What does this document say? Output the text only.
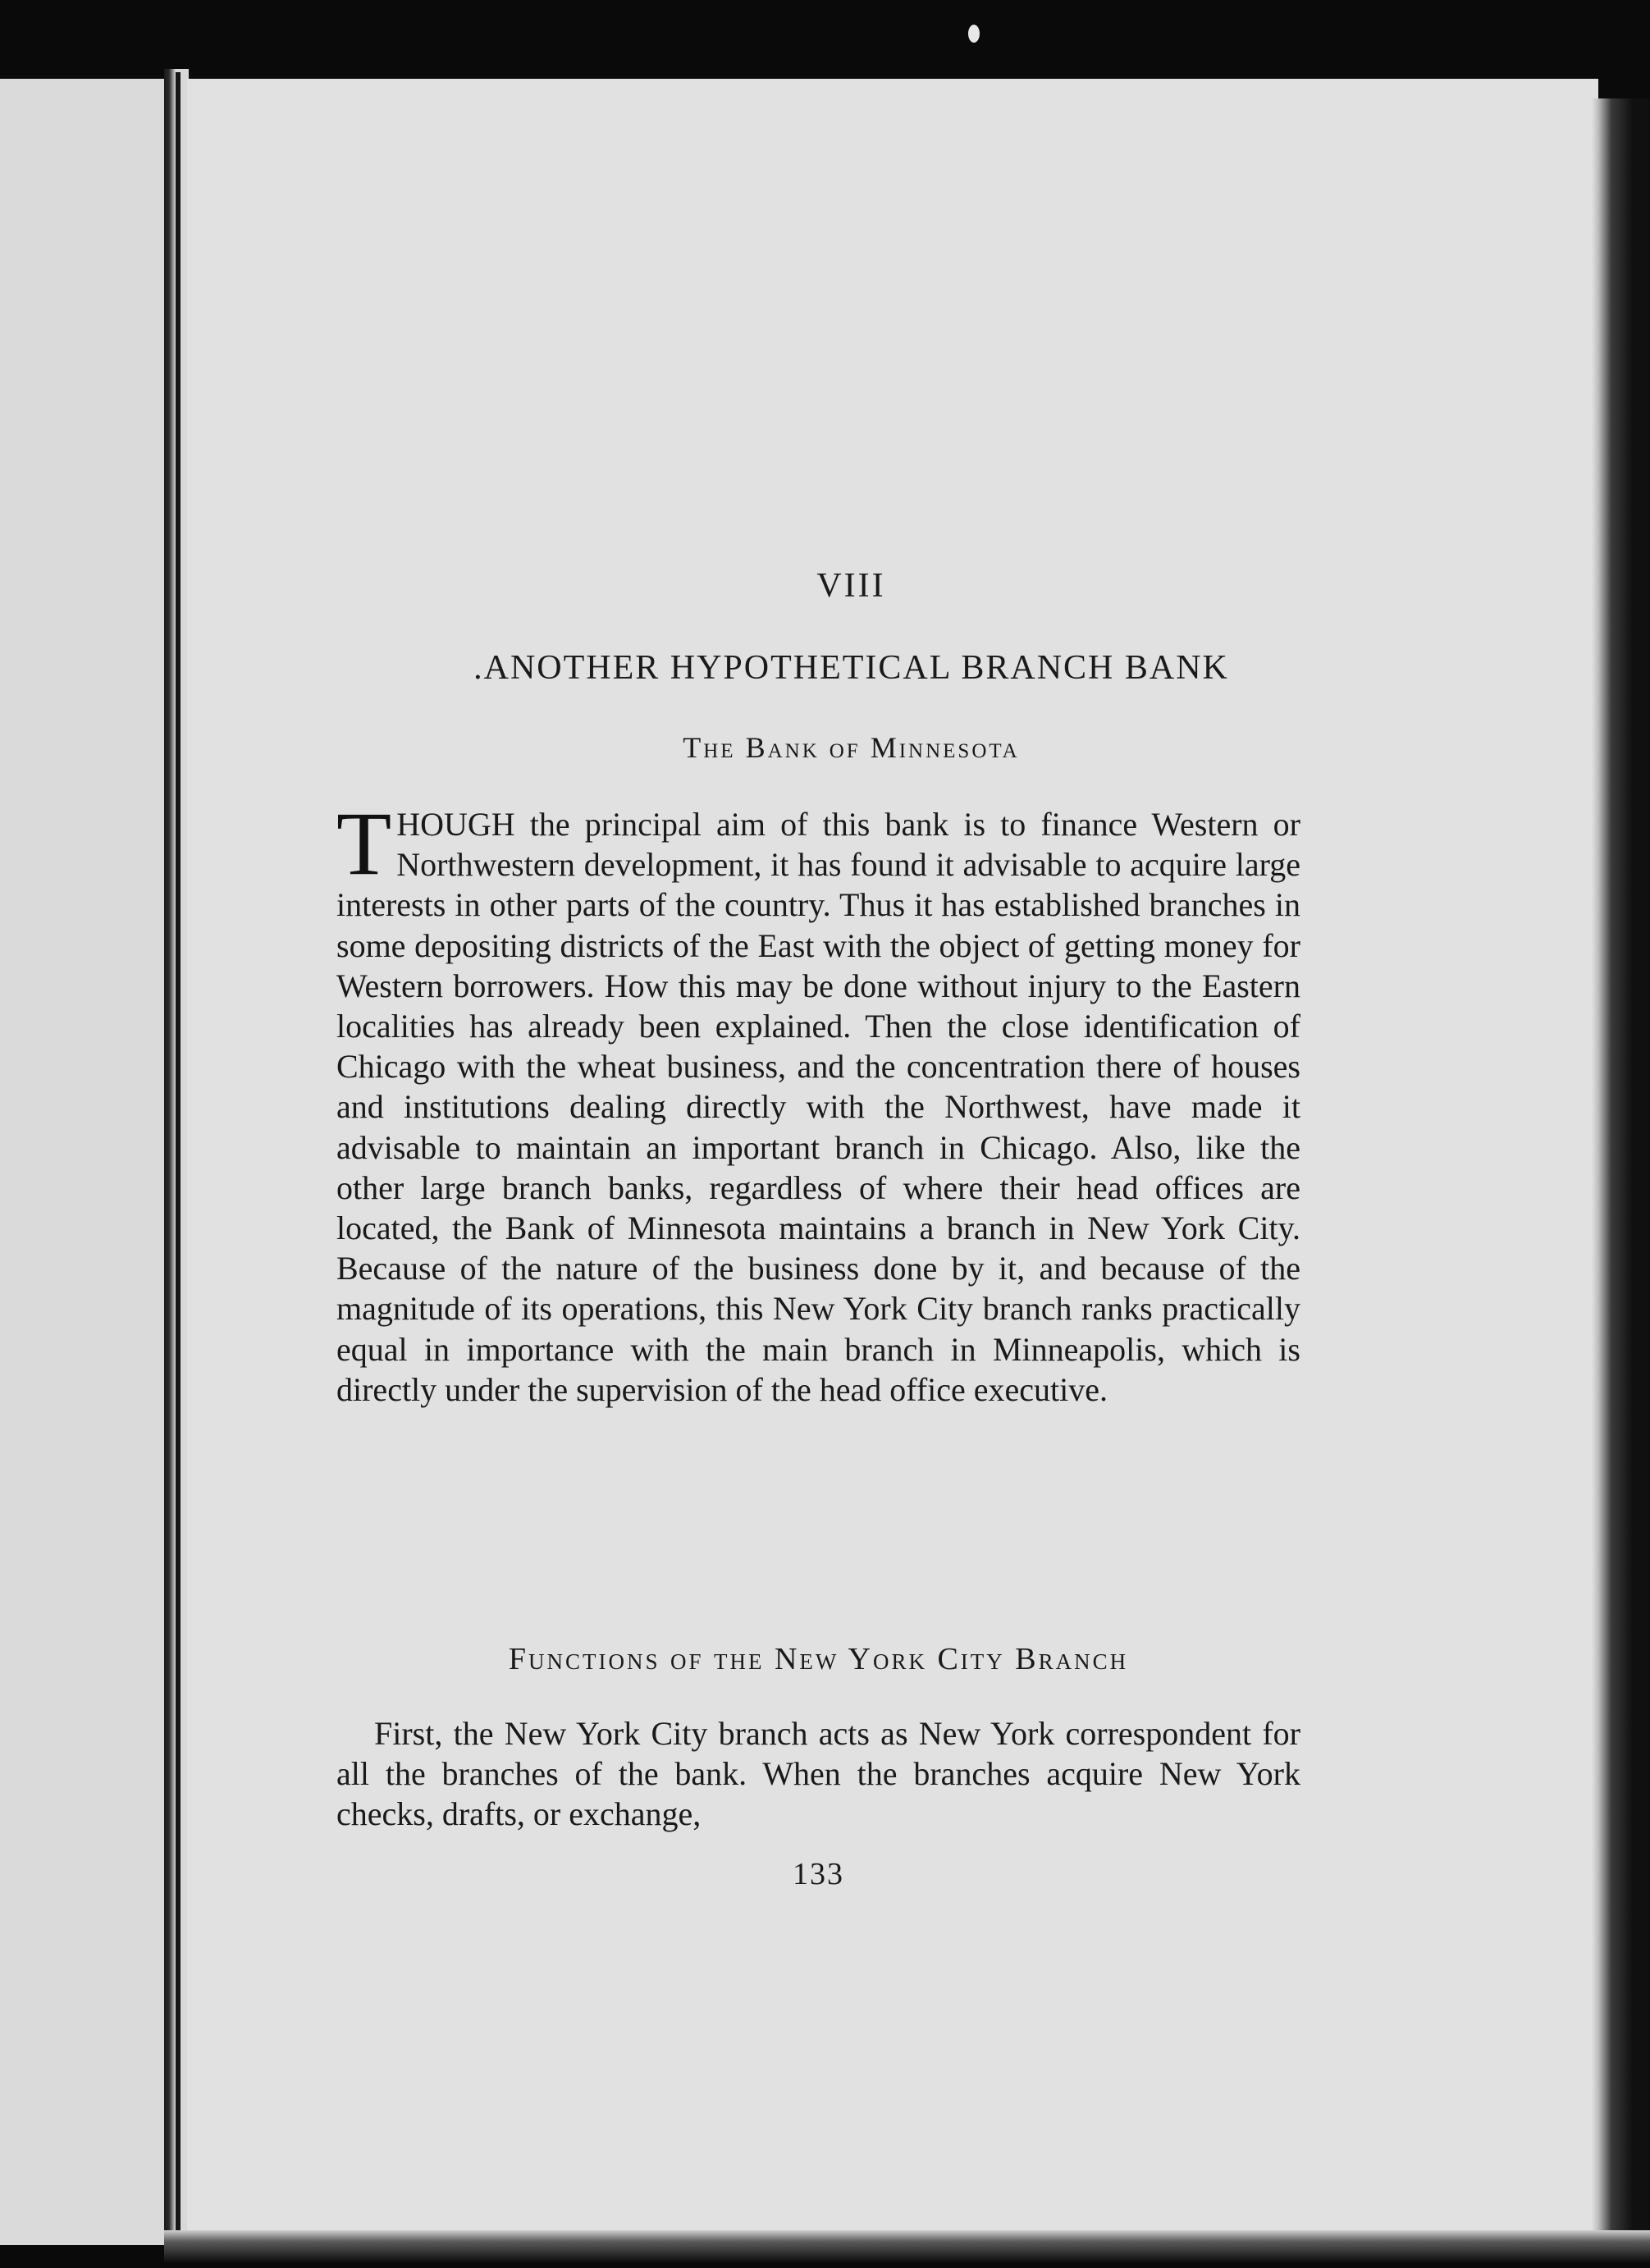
VIII
.ANOTHER HYPOTHETICAL BRANCH BANK
The Bank of Minnesota
THOUGH the principal aim of this bank is to finance Western or Northwestern development, it has found it advisable to acquire large interests in other parts of the country. Thus it has established branches in some depositing districts of the East with the object of getting money for Western borrowers. How this may be done without injury to the Eastern localities has already been explained. Then the close identification of Chicago with the wheat business, and the concentration there of houses and institutions dealing directly with the Northwest, have made it advisable to maintain an important branch in Chicago. Also, like the other large branch banks, regardless of where their head offices are located, the Bank of Minnesota maintains a branch in New York City. Because of the nature of the business done by it, and because of the magnitude of its operations, this New York City branch ranks practically equal in importance with the main branch in Minneapolis, which is directly under the supervision of the head office executive.
Functions of the New York City Branch
First, the New York City branch acts as New York correspondent for all the branches of the bank. When the branches acquire New York checks, drafts, or exchange,
133
